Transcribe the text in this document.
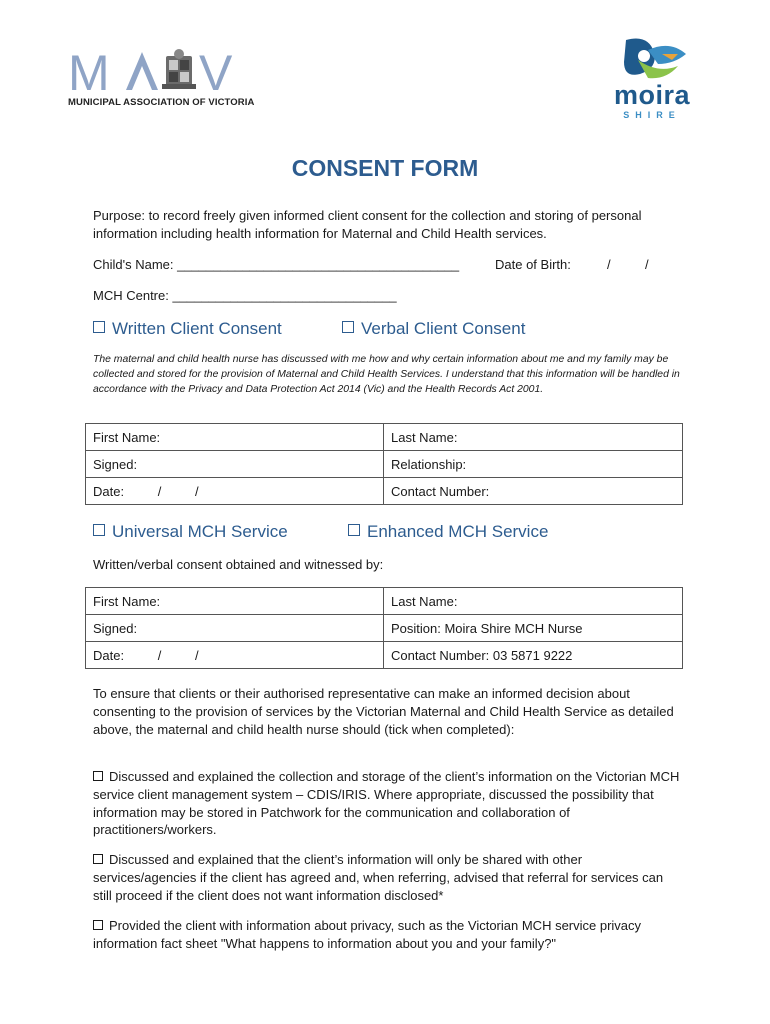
M V
MUNICIPAL ASSOCIATION OF VICTORIA	moira
SHIRE
CONSENT FORM
Purpose: to record freely given informed client consent for the collection and storing of personal information including health information for Maternal and Child Health services.
Child's Name: _______________________________________	Date of Birth:	/	/
MCH Centre: _______________________________
Written Client Consent	Verbal Client Consent
The maternal and child health nurse has discussed with me how and why certain information about me and my family may be collected and stored for the provision of Maternal and Child Health Services. I understand that this information will be handled in accordance with the Privacy and Data Protection Act 2014 (Vic) and the Health Records Act 2001.
First Name:	Last Name:
Signed:	Relationship:
Date: / /	Contact Number:
Universal MCH Service	Enhanced MCH Service
Written/verbal consent obtained and witnessed by:
First Name:	Last Name:
Signed:	Position: Moira Shire MCH Nurse
Date: / /	Contact Number: 03 5871 9222
To ensure that clients or their authorised representative can make an informed decision about consenting to the provision of services by the Victorian Maternal and Child Health Service as detailed above, the maternal and child health nurse should (tick when completed):
Discussed and explained the collection and storage of the client’s information on the Victorian MCH service client management system – CDIS/IRIS. Where appropriate, discussed the possibility that information may be stored in Patchwork for the communication and collaboration of practitioners/workers.
Discussed and explained that the client’s information will only be shared with other services/agencies if the client has agreed and, when referring, advised that referral for services can still proceed if the client does not want information disclosed*
Provided the client with information about privacy, such as the Victorian MCH service privacy information fact sheet "What happens to information about you and your family?"
